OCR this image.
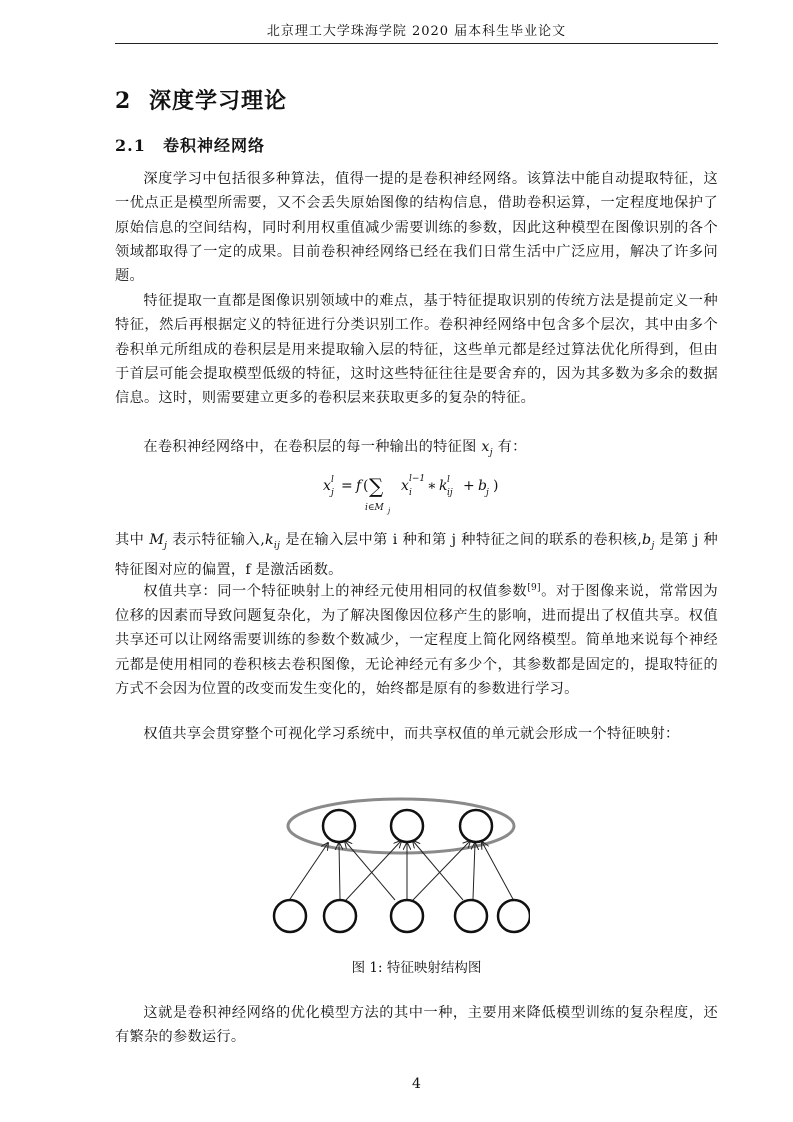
北京理工大学珠海学院 2020 届本科生毕业论文
2 深度学习理论
2.1 卷积神经网络

深度学习中包括很多种算法，值得一提的是卷积神经网络。该算法中能自动提取特征，这一优点正是模型所需要，又不会丢失原始图像的结构信息，借助卷积运算，一定程度地保护了原始信息的空间结构，同时利用权重值减少需要训练的参数，因此这种模型在图像识别的各个领域都取得了一定的成果。目前卷积神经网络已经在我们日常生活中广泛应用，解决了许多问题。

特征提取一直都是图像识别领域中的难点，基于特征提取识别的传统方法是提前定义一种特征，然后再根据定义的特征进行分类识别工作。卷积神经网络中包含多个层次，其中由多个卷积单元所组成的卷积层是用来提取输入层的特征，这些单元都是经过算法优化所得到，但由于首层可能会提取模型低级的特征，这时这些特征往往是要舍弃的，因为其多数为多余的数据信息。这时，则需要建立更多的卷积层来获取更多的复杂的特征。

在卷积神经网络中，在卷积层的每一种输出的特征图 $x_j$ 有：

x l
j = f ( ∑
i∈M j
x l−1
i ∗ k l
ij + b j )

其中 $M_j$ 表示特征输入$,k_{ij}$ 是在输入层中第 i 种和第 j 种特征之间的联系的卷积核$,b_j$ 是第 j 种特征图对应的偏置，f 是激活函数。

权值共享：同一个特征映射上的神经元使用相同的权值参数[9]。对于图像来说，常常因为位移的因素而导致问题复杂化，为了解决图像因位移产生的影响，进而提出了权值共享。权值共享还可以让网络需要训练的参数个数减少，一定程度上简化网络模型。简单地来说每个神经元都是使用相同的卷积核去卷积图像，无论神经元有多少个，其参数都是固定的，提取特征的方式不会因为位置的改变而发生变化的，始终都是原有的参数进行学习。

权值共享会贯穿整个可视化学习系统中，而共享权值的单元就会形成一个特征映射：

图 1: 特征映射结构图

这就是卷积神经网络的优化模型方法的其中一种，主要用来降低模型训练的复杂程度，还有繁杂的参数运行。

4
